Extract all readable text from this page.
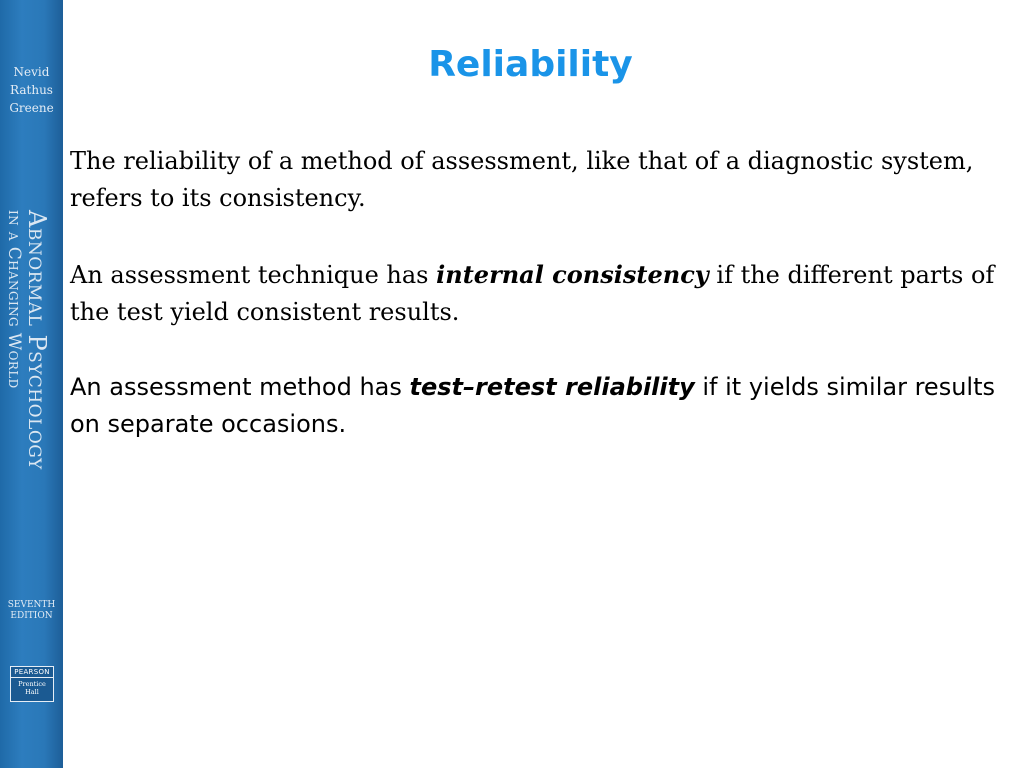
Nevid
Rathus
Greene
Abnormal Psychology
in a Changing World
SEVENTH
EDITION
PEARSON
Prentice
Hall
Reliability

The reliability of a method of assessment, like that of a diagnostic system, refers to its consistency.

An assessment technique has internal consistency if the different parts of the test yield consistent results.

An assessment method has test–retest reliability if it yields similar results on separate occasions.
